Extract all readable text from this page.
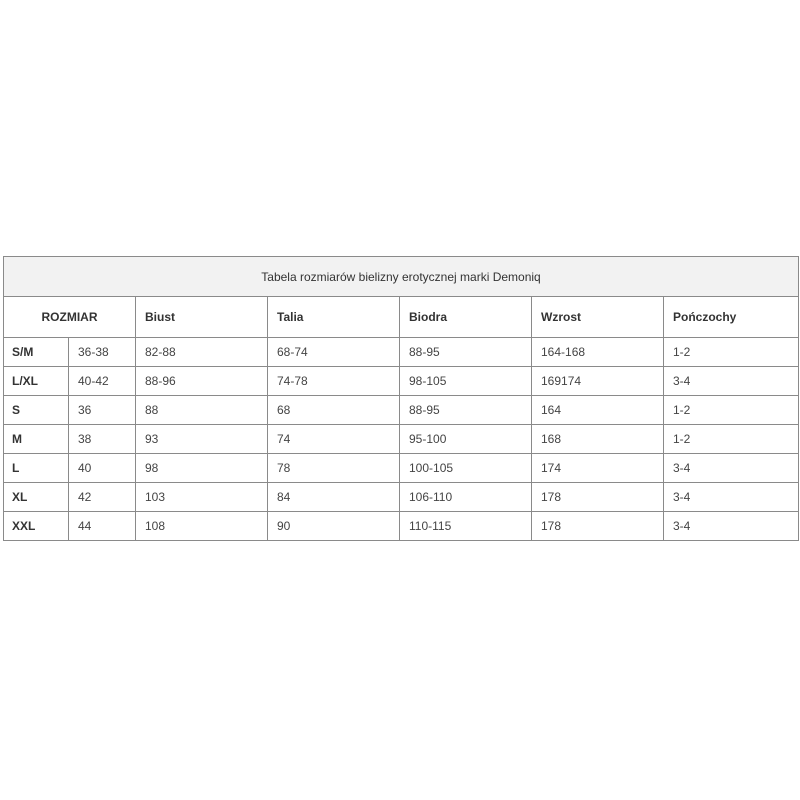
Tabela rozmiarów bielizny erotycznej marki Demoniq						
ROZMIAR		Biust	Talia	Biodra	Wzrost	Pończochy
S/M	36-38	82-88	68-74	88-95	164-168	1-2
L/XL	40-42	88-96	74-78	98-105	169174	3-4
S	36	88	68	88-95	164	1-2
M	38	93	74	95-100	168	1-2
L	40	98	78	100-105	174	3-4
XL	42	103	84	106-110	178	3-4
XXL	44	108	90	110-115	178	3-4
